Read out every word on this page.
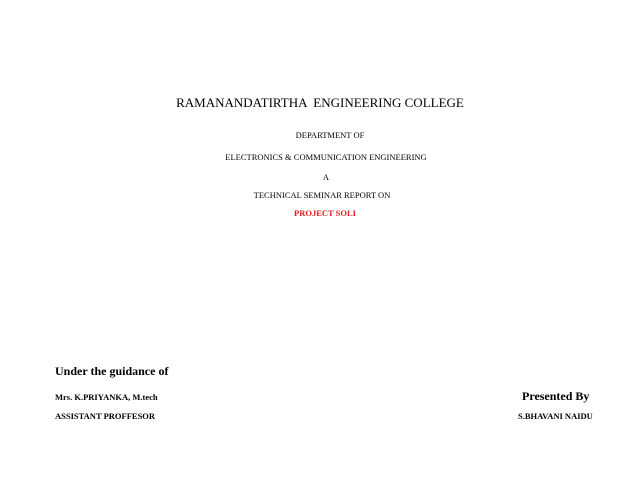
RAMANANDATIRTHA  ENGINEERING COLLEGE
DEPARTMENT OF
ELECTRONICS & COMMUNICATION ENGINEERING
A
TECHNICAL SEMINAR REPORT ON
PROJECT SOLI
Under the guidance of
Mrs. K.PRIYANKA, M.tech
ASSISTANT PROFFESOR
Presented By
S.BHAVANI NAIDU
